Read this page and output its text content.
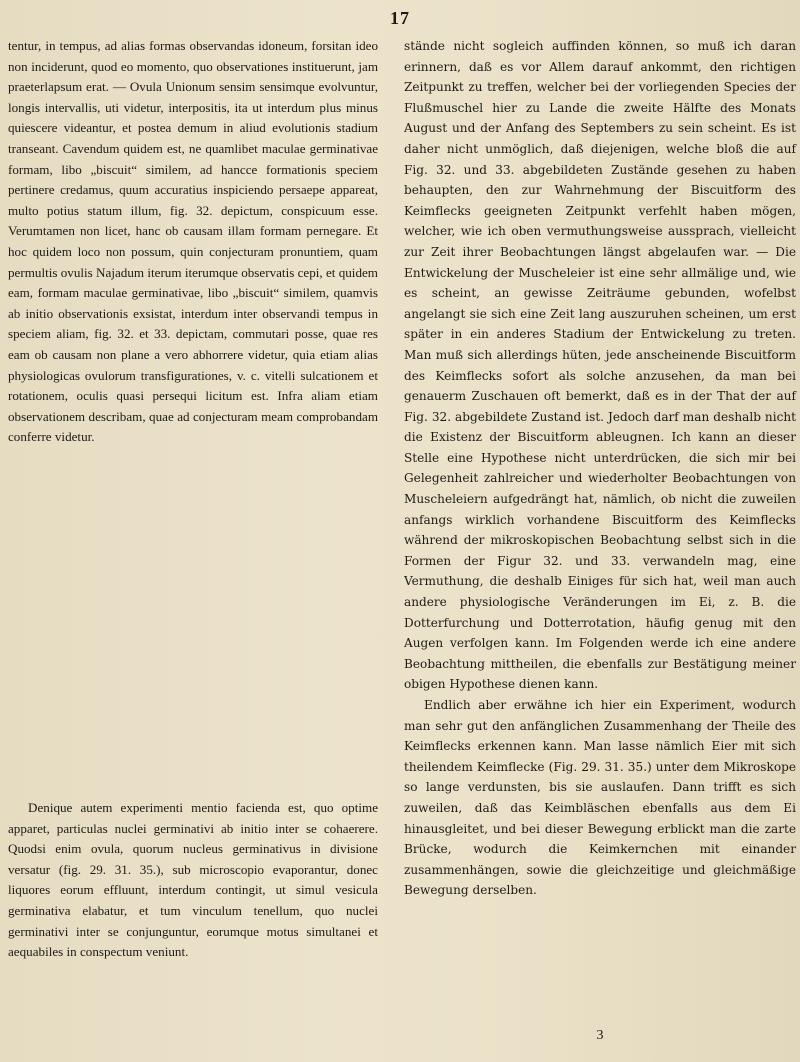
17

tentur, in tempus, ad alias formas observandas idoneum, forsitan ideo non inciderunt, quod eo momento, quo observationes instituerunt, jam praeterlapsum erat. — Ovula Unionum sensim sensimque evolvuntur, longis intervallis, uti videtur, interpositis, ita ut interdum plus minus quiescere videantur, et postea demum in aliud evolutionis stadium transeant. Cavendum quidem est, ne quamlibet maculae germinativae formam, libo „biscuit“ similem, ad hancce formationis speciem pertinere credamus, quum accuratius inspiciendo persaepe appareat, multo potius statum illum, fig. 32. depictum, conspicuum esse. Verumtamen non licet, hanc ob causam illam formam pernegare. Et hoc quidem loco non possum, quin conjecturam pronuntiem, quam permultis ovulis Najadum iterum iterumque observatis cepi, et quidem eam, formam maculae germinativae, libo „biscuit“ similem, quamvis ab initio observationis exsistat, interdum inter observandi tempus in speciem aliam, fig. 32. et 33. depictam, commutari posse, quae res eam ob causam non plane a vero abhorrere videtur, quia etiam alias physiologicas ovulorum transfigurationes, v. c. vitelli sulcationem et rotationem, oculis quasi persequi licitum est. Infra aliam etiam observationem describam, quae ad conjecturam meam comprobandam conferre videtur.

Denique autem experimenti mentio facienda est, quo optime apparet, particulas nuclei germinativi ab initio inter se cohaerere. Quodsi enim ovula, quorum nucleus germinativus in divisione versatur (fig. 29. 31. 35.), sub microscopio evaporantur, donec liquores eorum effluunt, interdum contingit, ut simul vesicula germinativa elabatur, et tum vinculum tenellum, quo nuclei germinativi inter se conjunguntur, eorumque motus simultanei et aequabiles in conspectum veniunt.

stände nicht sogleich auffinden können, so muß ich daran erinnern, daß es vor Allem darauf ankommt, den richtigen Zeitpunkt zu treffen, welcher bei der vorliegenden Species der Flußmuschel hier zu Lande die zweite Hälfte des Monats August und der Anfang des Septembers zu sein scheint. Es ist daher nicht unmöglich, daß diejenigen, welche bloß die auf Fig. 32. und 33. abgebildeten Zustände gesehen zu haben behaupten, den zur Wahrnehmung der Biscuitform des Keimflecks geeigneten Zeitpunkt verfehlt haben mögen, welcher, wie ich oben vermuthungsweise aussprach, vielleicht zur Zeit ihrer Beobachtungen längst abgelaufen war. — Die Entwickelung der Muscheleier ist eine sehr allmälige und, wie es scheint, an gewisse Zeiträume gebunden, wofelbst angelangt sie sich eine Zeit lang auszuruhen scheinen, um erst später in ein anderes Stadium der Entwickelung zu treten. Man muß sich allerdings hüten, jede anscheinende Biscuitform des Keimflecks sofort als solche anzusehen, da man bei genauerm Zuschauen oft bemerkt, daß es in der That der auf Fig. 32. abgebildete Zustand ist. Jedoch darf man deshalb nicht die Existenz der Biscuitform ableugnen. Ich kann an dieser Stelle eine Hypothese nicht unterdrücken, die sich mir bei Gelegenheit zahlreicher und wiederholter Beobachtungen von Muscheleiern aufgedrängt hat, nämlich, ob nicht die zuweilen anfangs wirklich vorhandene Biscuitform des Keimflecks während der mikroskopischen Beobachtung selbst sich in die Formen der Figur 32. und 33. verwandeln mag, eine Vermuthung, die deshalb Einiges für sich hat, weil man auch andere physiologische Veränderungen im Ei, z. B. die Dotterfurchung und Dotterrotation, häufig genug mit den Augen verfolgen kann. Im Folgenden werde ich eine andere Beobachtung mittheilen, die ebenfalls zur Bestätigung meiner obigen Hypothese dienen kann.

Endlich aber erwähne ich hier ein Experiment, wodurch man sehr gut den anfänglichen Zusammenhang der Theile des Keimflecks erkennen kann. Man lasse nämlich Eier mit sich theilendem Keimflecke (Fig. 29. 31. 35.) unter dem Mikroskope so lange verdunsten, bis sie auslaufen. Dann trifft es sich zuweilen, daß das Keimbläschen ebenfalls aus dem Ei hinausgleitet, und bei dieser Bewegung erblickt man die zarte Brücke, wodurch die Keimkernchen mit einander zusammenhängen, sowie die gleichzeitige und gleichmäßige Bewegung derselben.

3
